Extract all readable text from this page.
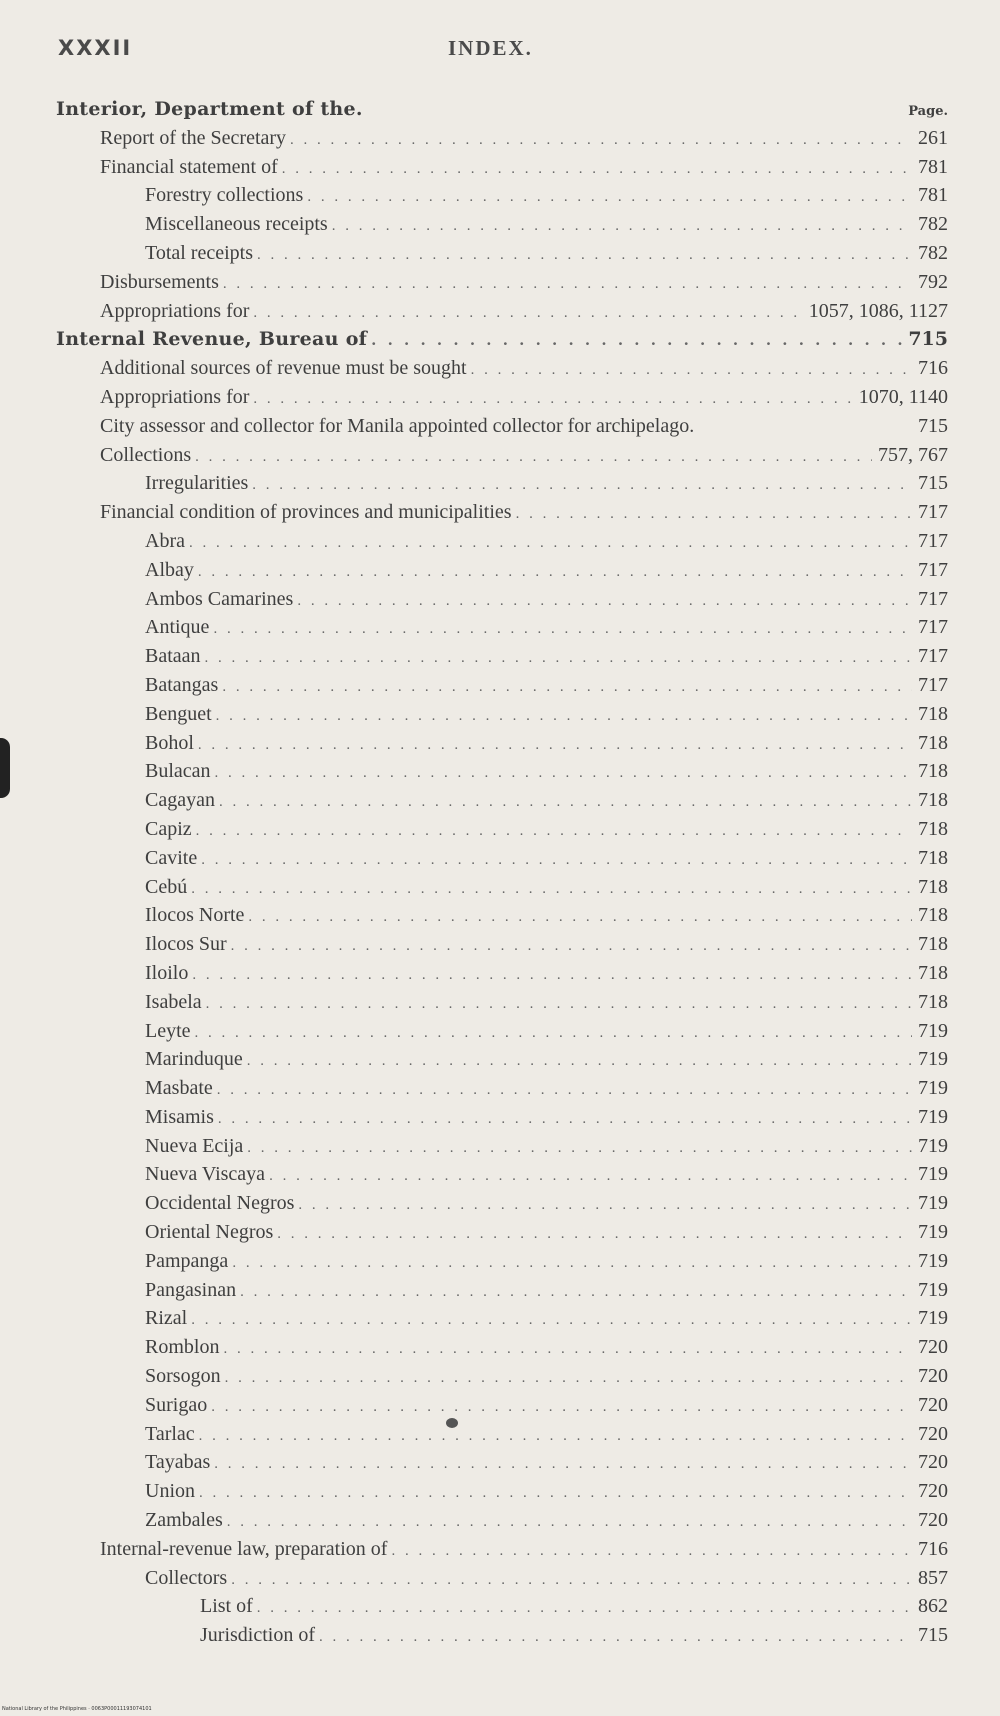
XXXII	INDEX.
Interior, Department of the.	Page.
Report of the Secretary . . .	261
Financial statement of . . .	781
Forestry collections . . .	781
Miscellaneous receipts . . .	782
Total receipts . . .	782
Disbursements . . .	792
Appropriations for . . .	1057, 1086, 1127
Internal Revenue, Bureau of . . .	715
Additional sources of revenue must be sought . . .	716
Appropriations for . . .	1070, 1140
City assessor and collector for Manila appointed collector for archipelago.	715
Collections . . .	757, 767
Irregularities . . .	715
Financial condition of provinces and municipalities . . .	717
Abra . . .	717
Albay . . .	717
Ambos Camarines . . .	717
Antique . . .	717
Bataan . . .	717
Batangas . . .	717
Benguet . . .	718
Bohol . . .	718
Bulacan . . .	718
Cagayan . . .	718
Capiz . . .	718
Cavite . . .	718
Cebú . . .	718
Ilocos Norte . . .	718
Ilocos Sur . . .	718
Iloilo . . .	718
Isabela . . .	718
Leyte . . .	719
Marinduque . . .	719
Masbate . . .	719
Misamis . . .	719
Nueva Ecija . . .	719
Nueva Viscaya . . .	719
Occidental Negros . . .	719
Oriental Negros . . .	719
Pampanga . . .	719
Pangasinan . . .	719
Rizal . . .	719
Romblon . . .	720
Sorsogon . . .	720
Surigao . . .	720
Tarlac . . .	720
Tayabas . . .	720
Union . . .	720
Zambales . . .	720
Internal-revenue law, preparation of . . .	716
Collectors . . .	857
List of . . .	862
Jurisdiction of . . .	715
National Library of the Philippines · 0063P00011193074101
